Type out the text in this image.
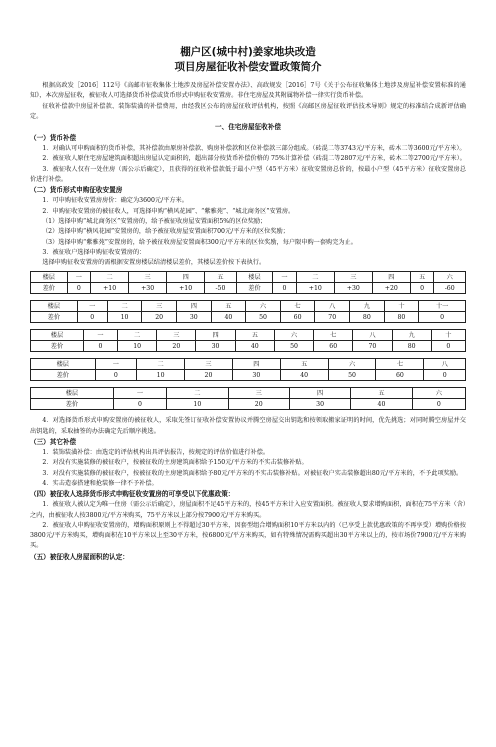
棚户区(城中村)姜家地块改造
项目房屋征收补偿安置政策简介

根据高政发［2016］112号《高邮市征收集体土地涉及房屋补偿安置办法》、高政规发［2016］7号《关于公布征收集体土地涉及房屋补偿安置标准的通知》，本次房屋征收，被征收人可选择货币补偿或货币形式申购征收安置房。非住宅房屋及其附属物补偿一律实行货币补偿。

征收补偿款中房屋补偿款、装饰装潢的补偿费用，由经我区公布的房屋征收评估机构，按照《高邮区房屋征收评估技术导则》规定的标准结合成新评估确定。

一、住宅房屋征收补偿
（一）货币补偿

1．对确认可申购面积的货币补偿，其补偿款由原房补偿款、购房补偿款和区位补偿款三部分组成。（砖混二等3743元/平方米，砖木二等3600元/平方米）。

2．被征收人原住宅房屋建筑面积超出房屋认定面积的，超出部分按货币补偿价格的 75%计算补偿（砖混二等2807元/平方米，砖木二等2700元/平方米）。

3．被征收人仅有一处住房（需公示后确定），且获得的征收补偿款低于最小户型（45平方米）征收安置房总价的，按最小户型（45平方米）征收安置房总价进行补偿。

（二）货币形式申购征收安置房

1．可申购征收安置房房价：确定为3600元/平方米。

2．申购征收安置房的被征收人，可选择申购“横风花园”、“紫雅苑”、“城北商务区”安置房。

（1）选择申购“城北商务区”安置房的，给予被征收房屋安置面积5%的区位奖励；

（2）选择申购“横风花园”安置房的，给予被征收房屋安置面积700元/平方米的区位奖励；

（3）选择申购“紫雅苑”安置房的，给予被征收房屋安置面积300元/平方米的区位奖励，每户限申购一套购完为止。

3．被征收户选择申购征收安置房的：

选择申购征收安置房的需根据安置房楼层结清楼层差价，其楼层差价按下表执行。

楼层	一	二	三	四	五	楼层	一	二	三	四	五	六
差价	0	+10	+30	+10	-50	差价	0	+10	+30	+20	0	-60
楼层	一	二	三	四	五	六	七	八	九	十	十一
差价	0	10	20	30	40	50	60	70	80	80	0
楼层	一	二	三	四	五	六	七	八	九	十
差价	0	10	20	30	40	50	60	70	80	0
楼层	一	二	三	四	五	六	七	八
差价	0	10	20	30	40	50	60	0
楼层	一	二	三	四	五	六
差价	0	10	20	30	40	0

4．对选择货币形式申购安置房的被征收人，采取先签订征收补偿安置协议并腾空房屋交出钥匙和按领取搬家证明的时间，优先挑选；对同时腾空房屋并交出钥匙的，采取抽签的办法确定先后顺序挑选。

（三）其它补偿

1．装饰装潢补偿：由选定的评估机构出具评估报告，按规定的评估价值进行补偿。

2．对没有实施装修的被征收户，按被征收的主房建筑面积给予150元/平方米的不实击装修补贴。

3．对没有实施装修的被征收户，按被征收的主房建筑面积给予80元/平方米的不实击装修补贴。对被征收户实击装修超出80元/平方米的，不予此项奖励。

4．实击造泰搭建和抢装修一律不予补偿。

（四）被征收人选择货币形式申购征收安置房的可享受以下优惠政策：

1．被征收人被认定为唯一住房（需公示后确定），房屋面积不足45平方米的，按45平方米计入应安置面积。被征收人要求增购面积，面积在75平方米（含）之内，由被征收人按3800元/平方米购买，75平方米以上部分按7900元/平方米购买。

2．被征收人申购征收安置房的，增购面积原则上不得超过30平方米，因套型组合增购面积10平方米以内的（已享受上款优惠政策的不再享受）增购价格按3800元/平方米购买，增购面积在10平方米以上至30平方米，按6800元/平方米购买，如有特殊情况需购买超出30平方米以上的，按市场价7900元/平方米购买。

（五）被征收人房屋面积的认定：
